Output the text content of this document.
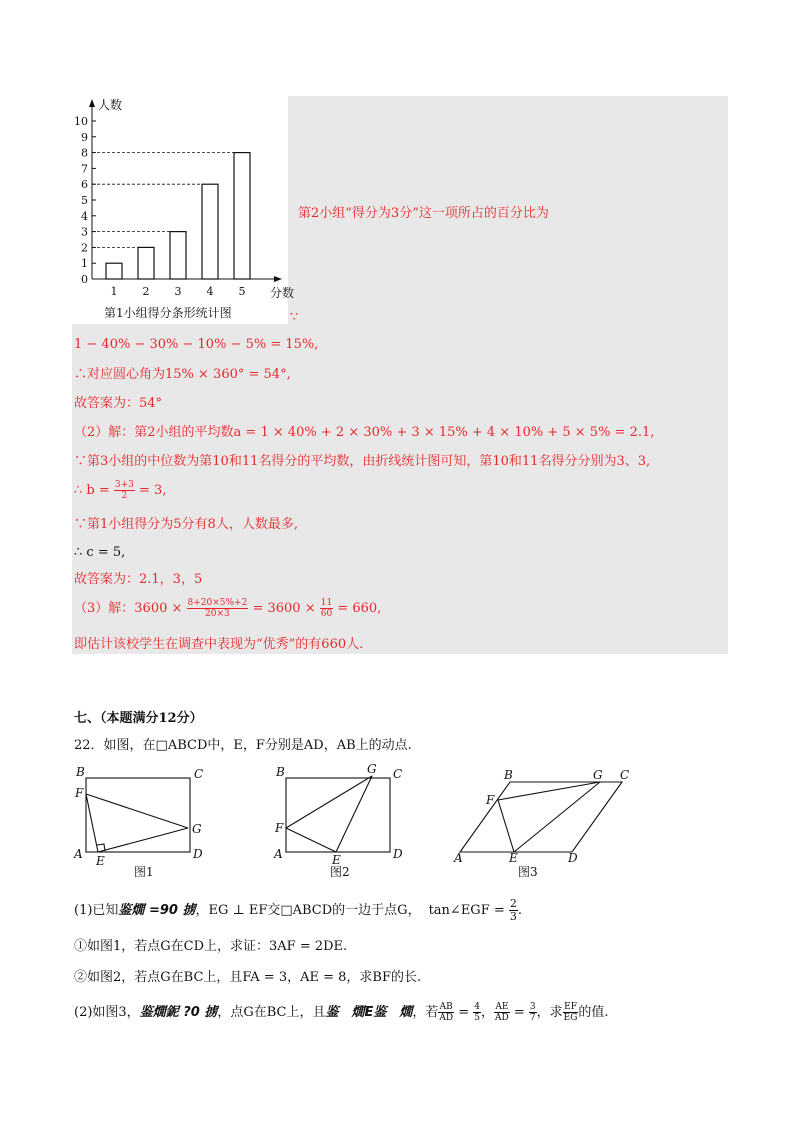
0
1
2
3
4
5
6
7
8
9
10
人数
分数
1 2 3 4 5
第1小组得分条形统计图
第2小组“得分为3分”这一项所占的百分比为
∵
1 − 40% − 30% − 10% − 5% = 15%,
∴对应圆心角为15% × 360° = 54°,
故答案为：54°
（2）解：第2小组的平均数a = 1 × 40% + 2 × 30% + 3 × 15% + 4 × 10% + 5 × 5% = 2.1,
∵第3小组的中位数为第10和11名得分的平均数，由折线统计图可知，第10和11名得分分别为3、3,
∴ $b = \frac{3+3}{2} = 3$,
∵第1小组得分为5分有8人，人数最多,
∴ c = 5,
故答案为：2.1，3，5
（3）解：$3600 \times \frac{8+20\times 5\%+2}{20\times 3} = 3600 \times \frac{11}{60} = 660$,
即估计该校学生在调查中表现为“优秀”的有660人.
七、（本题满分12分）
22．如图，在□ABCD中，E，F分别是AD，AB上的动点.
B	C
F
G
A E	D
B	G C
F
A	E	D
B	G C
F
A	E	D
图1	图2	图3
(1)已知鉴燗 =90 掳，EG ⊥ EF交□ABCD的一边于点G， tan∠EGF = $\frac{2}{3}$ .
①如图1，若点G在CD上，求证：3AF = 2DE.
②如图2，若点G在BC上，且FA = 3，AE = 8，求BF的长.
(2)如图3，鉴燗鈮 ?0 掳，点G在BC上，且鉴　燗E鉴　燗，若 $\frac{AB}{AD} = \frac{4}{5}$ ， $\frac{AE}{AD} = \frac{3}{7}$ ，求 $\frac{EF}{EG}$ 的值.
